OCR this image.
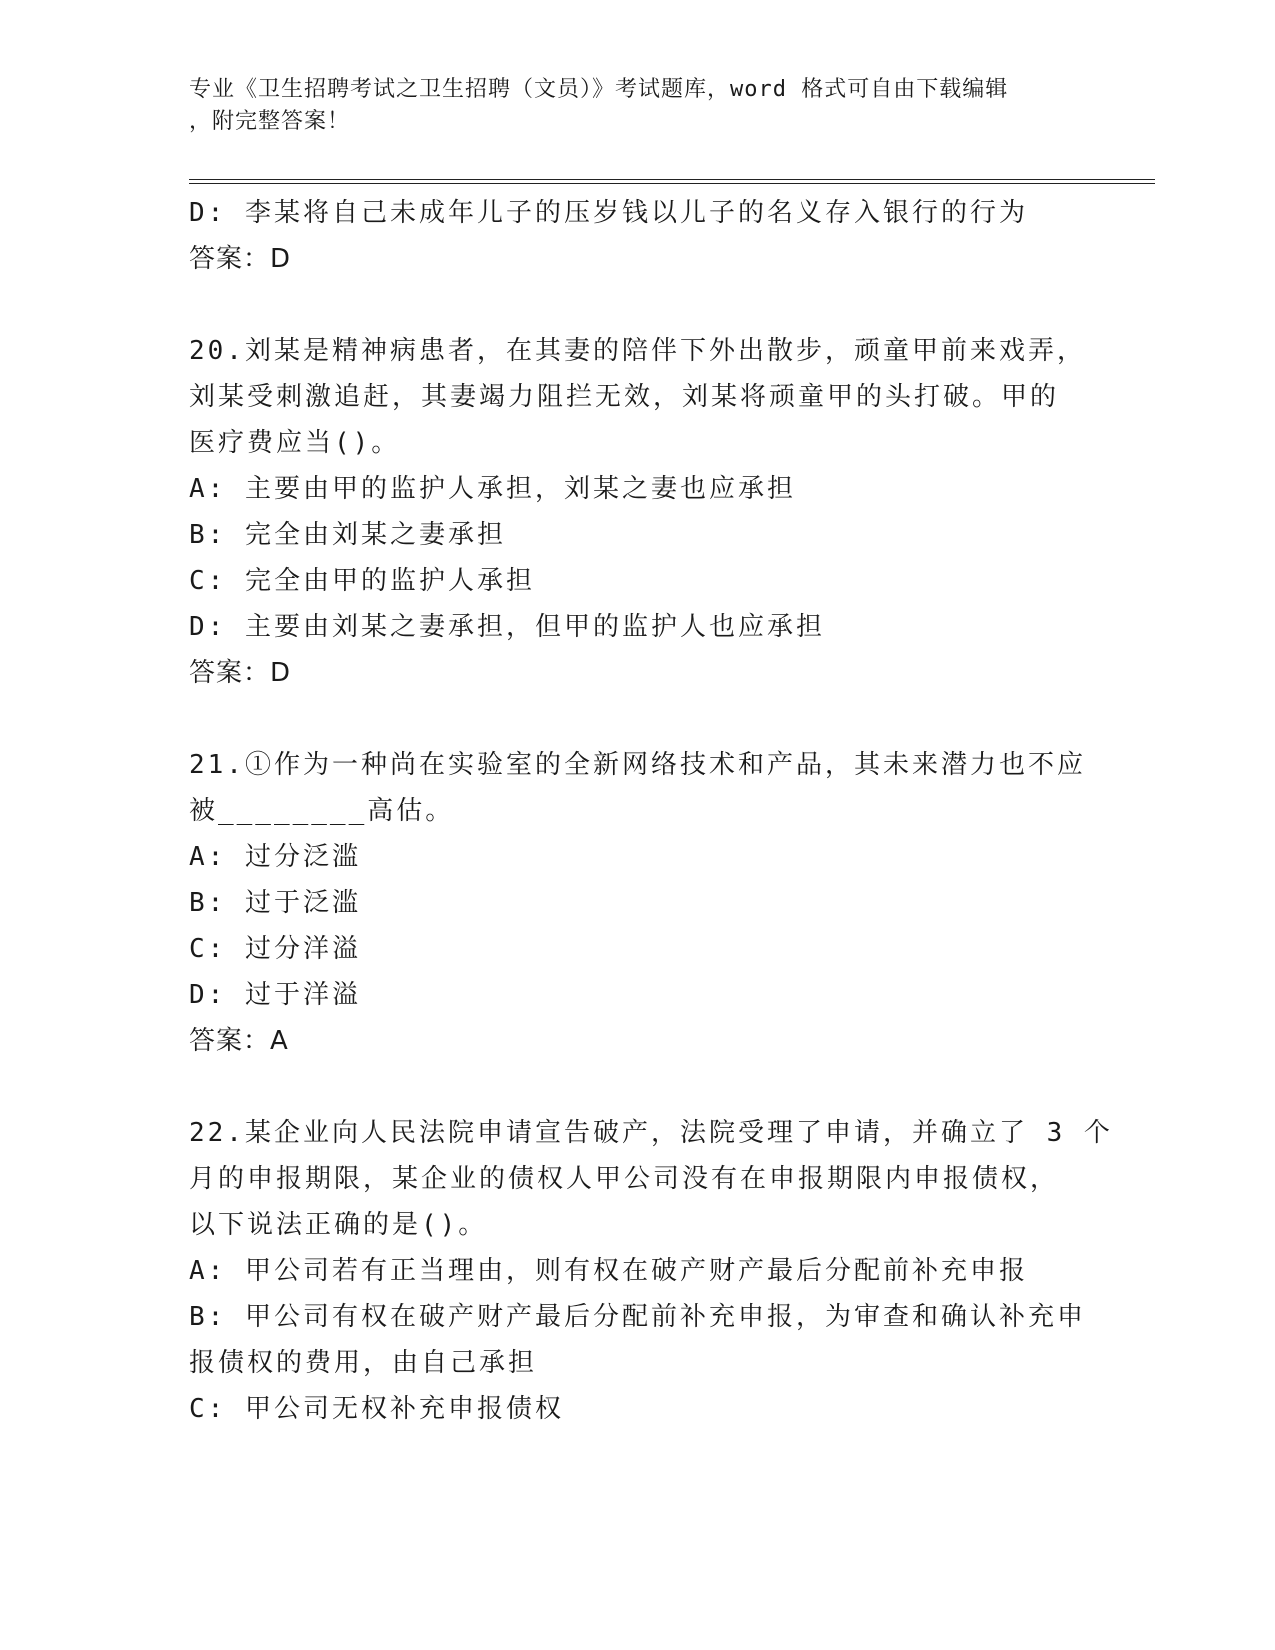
专业《卫生招聘考试之卫生招聘（文员）》考试题库，word 格式可自由下载编辑
，附完整答案！
D: 李某将自己未成年儿子的压岁钱以儿子的名义存入银行的行为
答案：D
20.刘某是精神病患者，在其妻的陪伴下外出散步，顽童甲前来戏弄，
刘某受刺激追赶，其妻竭力阻拦无效，刘某将顽童甲的头打破。甲的
医疗费应当()。
A: 主要由甲的监护人承担，刘某之妻也应承担
B: 完全由刘某之妻承担
C: 完全由甲的监护人承担
D: 主要由刘某之妻承担，但甲的监护人也应承担
答案：D
21.①作为一种尚在实验室的全新网络技术和产品，其未来潜力也不应
被________高估。
A: 过分泛滥
B: 过于泛滥
C: 过分洋溢
D: 过于洋溢
答案：A
22.某企业向人民法院申请宣告破产，法院受理了申请，并确立了 3 个
月的申报期限，某企业的债权人甲公司没有在申报期限内申报债权，
以下说法正确的是()。
A: 甲公司若有正当理由，则有权在破产财产最后分配前补充申报
B: 甲公司有权在破产财产最后分配前补充申报，为审查和确认补充申
报债权的费用，由自己承担
C: 甲公司无权补充申报债权
